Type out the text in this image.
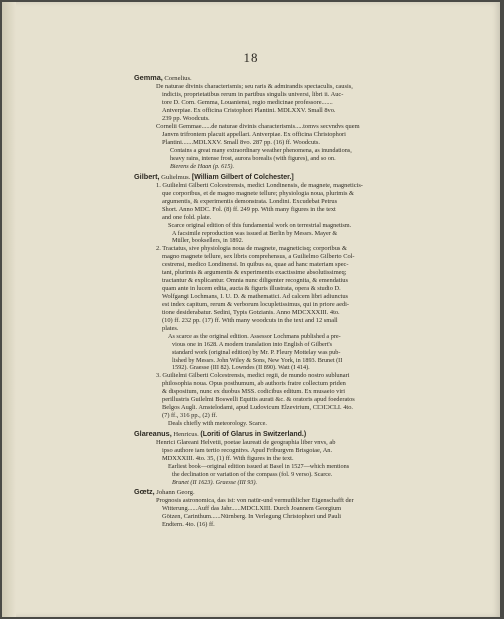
18
Gemma, Cornelius.
De naturae divinis characterismis; seu raris & admirandis spectaculis, causis,
indiciis, proprietatibus rerum in partibus singulis universi, libri ii. Auc-
tore D. Corn. Gemma, Louaniensi, regio medicinae professore.......
Antverpiae. Ex officina Cristophori Plantini. MDLXXV. Small 8vo.
239 pp. Woodcuts.
Cornelii Gemmae......de naturae divinis characterismis.....tomvs secvndvs quem
Janvm trifrontem placuit appellari. Antverpiae. Ex officina Christophori
Plantini.......MDLXXV. Small 8vo. 287 pp. (16) ff. Woodcuts.
Contains a great many extraordinary weather phenomena, as inundations,
heavy rains, intense frost, aurora borealis (with figures), and so on.
Bierens de Haan (p. 615).
Gilbert, Gulielmus. [William Gilbert of Colchester.]
1. Guilielmi Gilberti Colcestrensis, medici Londinensis, de magnete, magneticis-
que corporibus, et de magno magnete tellure; physiologia noua, plurimis &
argumentis, & experimentis demonstrata. Londini. Excudebat Petrus
Short. Anno MDC. Fol. (8) ff. 249 pp. With many figures in the text
and one fold. plate.
Scarce original edition of this fundamental work on terrestrial magnetism.
A facsimile reproduction was issued at Berlin by Messrs. Mayer &
Müller, booksellers, in 1892.
2. Tractatus, sive physiologia noua de magnete, magneticisq; corporibus &
magno magnete tellure, sex libris comprehensus, a Guilielmo Gilberto Col-
cestrensi, medico Londinensi. In quibus ea, quae ad hanc materiam spec-
tant, plurimis & argumentis & experimentis exactissime absolutissimeq;
tractantur & explicantur. Omnia nunc diligenter recognita, & emendatius
quam ante in lucem edita, aucta & figuris illustrata, opera & studio D.
Wolfgangi Lochmans, I. U. D. & mathematici. Ad calcem libri adiunctus
est index capitum, rerum & verborum locupletissimus, qui in priore aedi-
tione desiderabatur. Sedini, Typis Gotzianis. Anno MDCXXXIII. 4to.
(10) ff. 232 pp. (17) ff. With many woodcuts in the text and 12 small
plates.
As scarce as the original edition. Assessor Lochmans published a pre-
vious one in 1628. A modern translation into English of Gilbert's
standard work (original edition) by Mr. P. Fleury Mottelay was pub-
lished by Messrs. John Wiley & Sons, New York, in 1893. Brunet (II
1592). Graesse (III 82). Lowndes (II 890). Watt (I 414).
3. Guilielmi Gilberti Colcestrensis, medici regii, de mundo nostro sublunari
philosophia noua. Opus posthumum, ab authoris fratre collectum priden
& dispositum, nunc ex duobus MSS. codicibus editum. Ex musaeio viri
perillustris Guilelmi Boswelli Equitis aurati &c. & oratoris apud foederatos
Belgos Augli. Amstelodami, apud Ludovicum Elzevirium, CIƆIƆCLI. 4to.
(7) ff., 316 pp., (2) ff.
Deals chiefly with meteorology. Scarce.
Glareanus, Henricus. (Loriti of Glarus in Switzerland.)
Henrici Glareani Helvetii, poetae laureati de geographia liber vnvs, ab
ipso authore iam tertio recognitvs. Apud Friburgvm Brisgoiae, An.
MDXXXIII. 4to. 35, (1) ff. With figures in the text.
Earliest book—original edition issued at Basel in 1527—which mentions
the declination or variation of the compass (fol. 9 verso). Scarce.
Brunet (II 1623). Graesse (III 93).
Gœtz, Johann Georg.
Prognosis astronomica, das ist: von natür-und vermuthlicher Eigenschafft der
Witterung......Auff das Jahr......MDCLXIII. Durch Joannem Georgium
Götzen, Carinthum......Nürnberg. In Verlegung Christophori und Pauli
Endtern. 4to. (16) ff.
